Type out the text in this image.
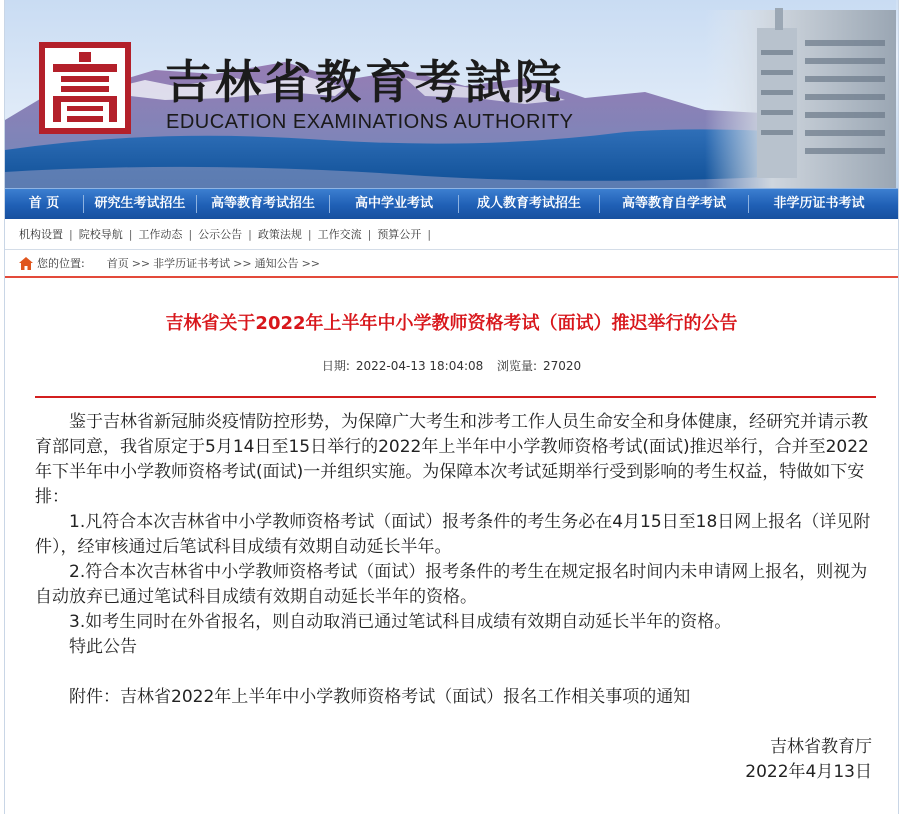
吉林省教育考試院
EDUCATION EXAMINATIONS AUTHORITY
首 页	研究生考试招生	高等教育考试招生	高中学业考试	成人教育考试招生	高等教育自学考试	非学历证书考试
机构设置 | 院校导航 | 工作动态 | 公示公告 | 政策法规 | 工作交流 | 预算公开 |
您的位置: 首页 >> 非学历证书考试 >> 通知公告 >>
吉林省关于2022年上半年中小学教师资格考试（面试）推迟举行的公告
日期: 2022-04-13 18:04:08 浏览量: 27020

鉴于吉林省新冠肺炎疫情防控形势，为保障广大考生和涉考工作人员生命安全和身体健康，经研究并请示教育部同意，我省原定于5月14日至15日举行的2022年上半年中小学教师资格考试(面试)推迟举行，合并至2022年下半年中小学教师资格考试(面试)一并组织实施。为保障本次考试延期举行受到影响的考生权益，特做如下安排：

1.凡符合本次吉林省中小学教师资格考试（面试）报考条件的考生务必在4月15日至18日网上报名（详见附件），经审核通过后笔试科目成绩有效期自动延长半年。

2.符合本次吉林省中小学教师资格考试（面试）报考条件的考生在规定报名时间内未申请网上报名，则视为自动放弃已通过笔试科目成绩有效期自动延长半年的资格。

3.如考生同时在外省报名，则自动取消已通过笔试科目成绩有效期自动延长半年的资格。

特此公告

附件：吉林省2022年上半年中小学教师资格考试（面试）报名工作相关事项的通知

吉林省教育厅
2022年4月13日
